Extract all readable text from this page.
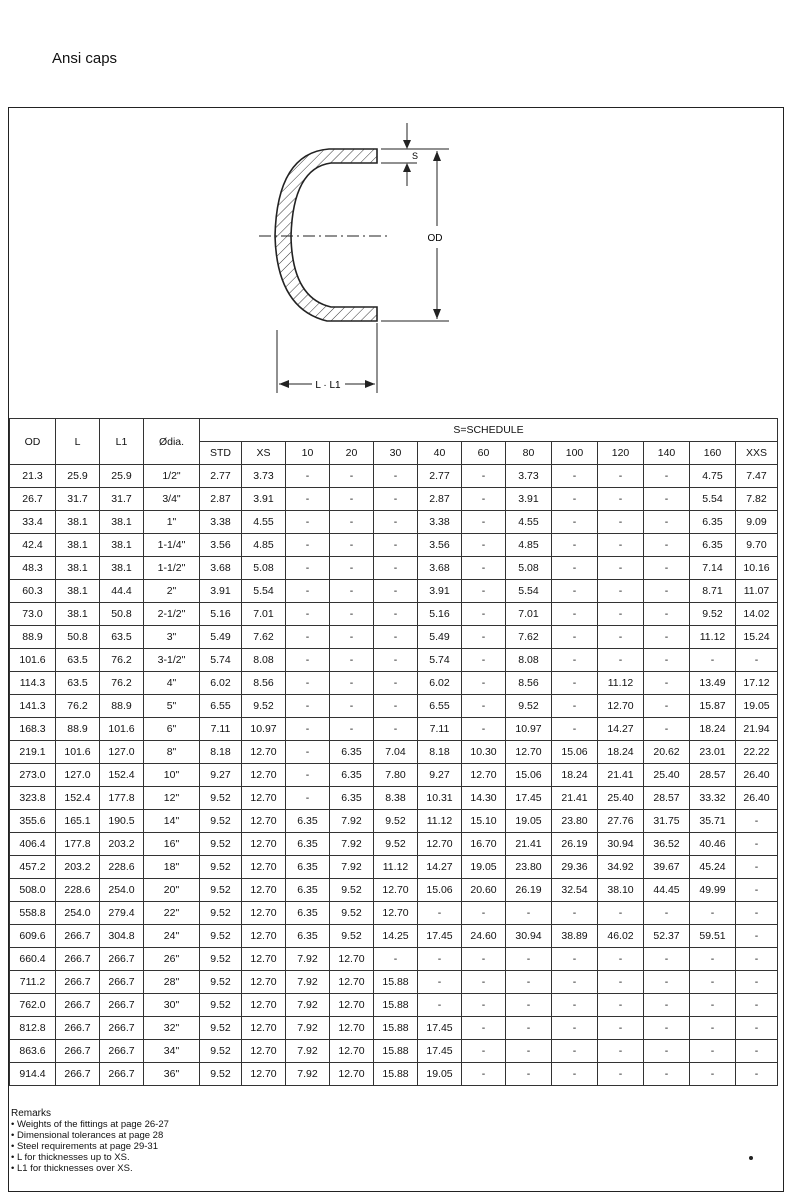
Ansi caps
L · L1
OD
S
OD	L	L1	Ødia.	S=SCHEDULE												
				STD	XS	10	20	30	40	60	80	100	120	140	160	XXS
21.3	25.9	25.9	1/2"	2.77	3.73	-	-	-	2.77	-	3.73	-	-	-	4.75	7.47
26.7	31.7	31.7	3/4"	2.87	3.91	-	-	-	2.87	-	3.91	-	-	-	5.54	7.82
33.4	38.1	38.1	1"	3.38	4.55	-	-	-	3.38	-	4.55	-	-	-	6.35	9.09
42.4	38.1	38.1	1-1/4"	3.56	4.85	-	-	-	3.56	-	4.85	-	-	-	6.35	9.70
48.3	38.1	38.1	1-1/2"	3.68	5.08	-	-	-	3.68	-	5.08	-	-	-	7.14	10.16
60.3	38.1	44.4	2"	3.91	5.54	-	-	-	3.91	-	5.54	-	-	-	8.71	11.07
73.0	38.1	50.8	2-1/2"	5.16	7.01	-	-	-	5.16	-	7.01	-	-	-	9.52	14.02
88.9	50.8	63.5	3"	5.49	7.62	-	-	-	5.49	-	7.62	-	-	-	11.12	15.24
101.6	63.5	76.2	3-1/2"	5.74	8.08	-	-	-	5.74	-	8.08	-	-	-	-	-
114.3	63.5	76.2	4"	6.02	8.56	-	-	-	6.02	-	8.56	-	11.12	-	13.49	17.12
141.3	76.2	88.9	5"	6.55	9.52	-	-	-	6.55	-	9.52	-	12.70	-	15.87	19.05
168.3	88.9	101.6	6"	7.11	10.97	-	-	-	7.11	-	10.97	-	14.27	-	18.24	21.94
219.1	101.6	127.0	8"	8.18	12.70	-	6.35	7.04	8.18	10.30	12.70	15.06	18.24	20.62	23.01	22.22
273.0	127.0	152.4	10"	9.27	12.70	-	6.35	7.80	9.27	12.70	15.06	18.24	21.41	25.40	28.57	26.40
323.8	152.4	177.8	12"	9.52	12.70	-	6.35	8.38	10.31	14.30	17.45	21.41	25.40	28.57	33.32	26.40
355.6	165.1	190.5	14"	9.52	12.70	6.35	7.92	9.52	11.12	15.10	19.05	23.80	27.76	31.75	35.71	-
406.4	177.8	203.2	16"	9.52	12.70	6.35	7.92	9.52	12.70	16.70	21.41	26.19	30.94	36.52	40.46	-
457.2	203.2	228.6	18"	9.52	12.70	6.35	7.92	11.12	14.27	19.05	23.80	29.36	34.92	39.67	45.24	-
508.0	228.6	254.0	20"	9.52	12.70	6.35	9.52	12.70	15.06	20.60	26.19	32.54	38.10	44.45	49.99	-
558.8	254.0	279.4	22"	9.52	12.70	6.35	9.52	12.70	-	-	-	-	-	-	-	-
609.6	266.7	304.8	24"	9.52	12.70	6.35	9.52	14.25	17.45	24.60	30.94	38.89	46.02	52.37	59.51	-
660.4	266.7	266.7	26"	9.52	12.70	7.92	12.70	-	-	-	-	-	-	-	-	-
711.2	266.7	266.7	28"	9.52	12.70	7.92	12.70	15.88	-	-	-	-	-	-	-	-
762.0	266.7	266.7	30"	9.52	12.70	7.92	12.70	15.88	-	-	-	-	-	-	-	-
812.8	266.7	266.7	32"	9.52	12.70	7.92	12.70	15.88	17.45	-	-	-	-	-	-	-
863.6	266.7	266.7	34"	9.52	12.70	7.92	12.70	15.88	17.45	-	-	-	-	-	-	-
914.4	266.7	266.7	36"	9.52	12.70	7.92	12.70	15.88	19.05	-	-	-	-	-	-	-
Remarks
• Weights of the fittings at page 26-27
• Dimensional tolerances at page 28
• Steel requirements at page 29-31
• L for thicknesses up to XS.
• L1 for thicknesses over XS.
